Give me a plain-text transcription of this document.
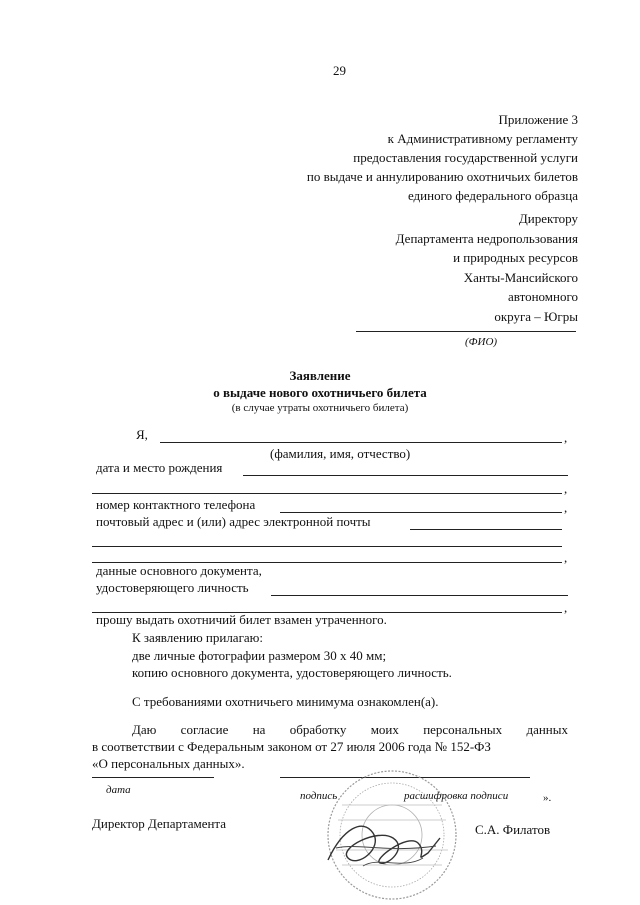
29
Приложение 3
к Административному регламенту
предоставления государственной услуги
по выдаче и аннулированию охотничьих билетов
единого федерального образца
Директору
Департамента недропользования
и природных ресурсов
Ханты-Мансийского
автономного
округа – Югры
(ФИО)
Заявление
о выдаче нового охотничьего билета
(в случае утраты охотничьего билета)
Я,	,
(фамилия, имя, отчество)
дата и место рождения
,
номер контактного телефона	,
почтовый адрес и (или) адрес электронной почты
,
данные основного документа,
удостоверяющего личность
,
прошу выдать охотничий билет взамен утраченного.
К заявлению прилагаю:
две личные фотографии размером 30 х 40 мм;
копию основного документа, удостоверяющего личность.
С требованиями охотничьего минимума ознакомлен(а).
Даю согласие на обработку моих персональных данных
в соответствии с Федеральным законом от 27 июля 2006 года № 152-ФЗ
«О персональных данных».
дата	подпись	расшифровка подписи	».
Директор Департамента	С.А. Филатов
